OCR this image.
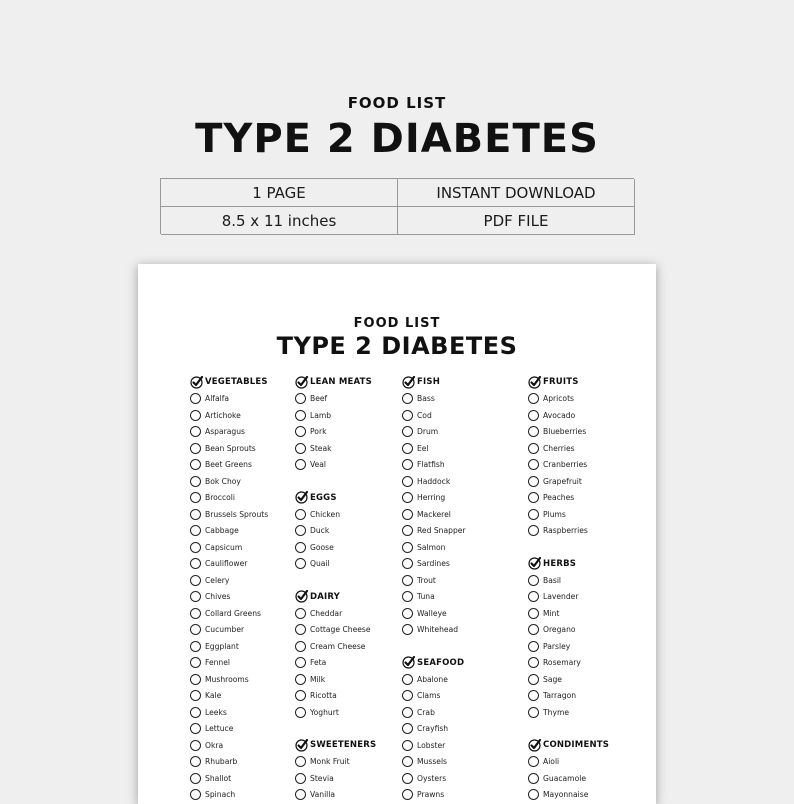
FOOD LIST
TYPE 2 DIABETES
1 PAGE	INSTANT DOWNLOAD
8.5 x 11 inches	PDF FILE
FOOD LIST
TYPE 2 DIABETES
VEGETABLES
Alfalfa
Artichoke
Asparagus
Bean Sprouts
Beet Greens
Bok Choy
Broccoli
Brussels Sprouts
Cabbage
Capsicum
Cauliflower
Celery
Chives
Collard Greens
Cucumber
Eggplant
Fennel
Mushrooms
Kale
Leeks
Lettuce
Okra
Rhubarb
Shallot
Spinach
LEAN MEATS
Beef
Lamb
Pork
Steak
Veal
EGGS
Chicken
Duck
Goose
Quail
DAIRY
Cheddar
Cottage Cheese
Cream Cheese
Feta
Milk
Ricotta
Yoghurt
SWEETENERS
Monk Fruit
Stevia
Vanilla
FISH
Bass
Cod
Drum
Eel
Flatfish
Haddock
Herring
Mackerel
Red Snapper
Salmon
Sardines
Trout
Tuna
Walleye
Whitehead
SEAFOOD
Abalone
Clams
Crab
Crayfish
Lobster
Mussels
Oysters
Prawns
FRUITS
Apricots
Avocado
Blueberries
Cherries
Cranberries
Grapefruit
Peaches
Plums
Raspberries
HERBS
Basil
Lavender
Mint
Oregano
Parsley
Rosemary
Sage
Tarragon
Thyme
CONDIMENTS
Aioli
Guacamole
Mayonnaise
